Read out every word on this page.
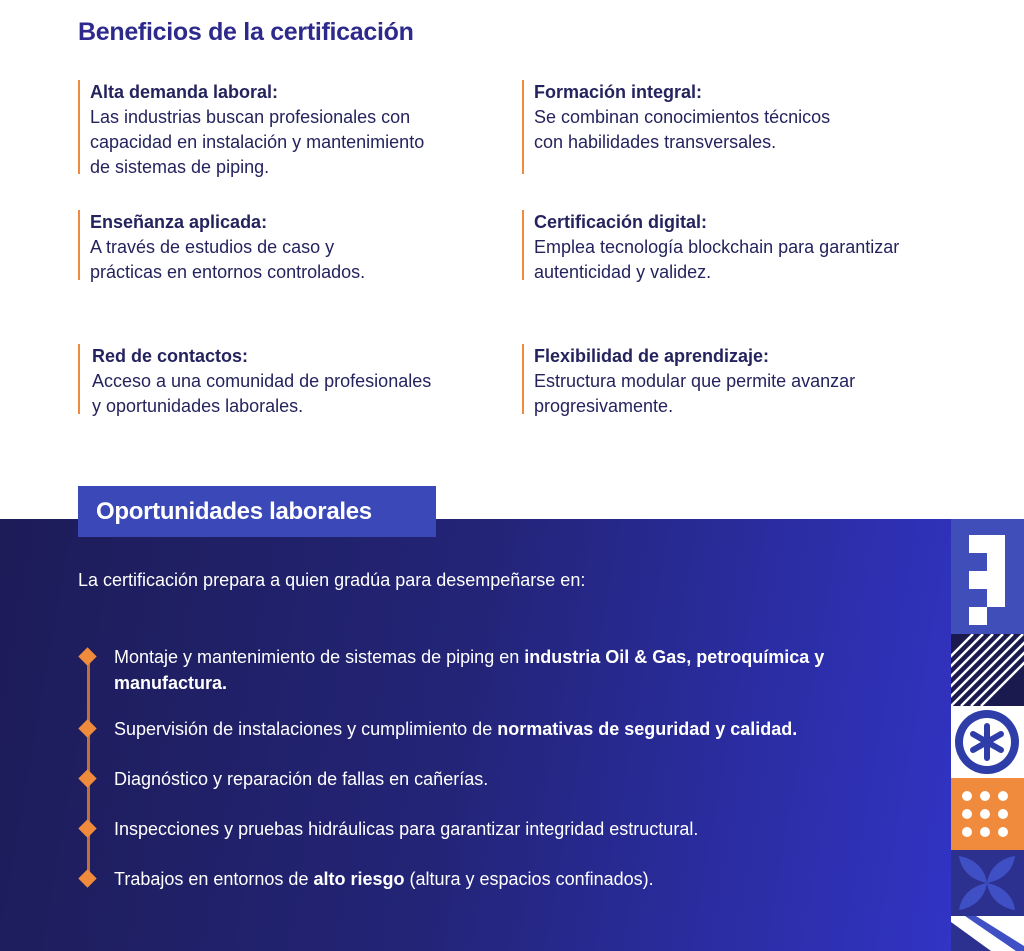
Beneficios de la certificación
Alta demanda laboral:
Las industrias buscan profesionales con
capacidad en instalación y mantenimiento
de sistemas de piping.
Formación integral:
Se combinan conocimientos técnicos
con habilidades transversales.
Enseñanza aplicada:
A través de estudios de caso y
prácticas en entornos controlados.
Certificación digital:
Emplea tecnología blockchain para garantizar
autenticidad y validez.
Red de contactos:
Acceso a una comunidad de profesionales
y oportunidades laborales.
Flexibilidad de aprendizaje:
Estructura modular que permite avanzar
progresivamente.
Oportunidades laborales
La certificación prepara a quien gradúa para desempeñarse en:
Montaje y mantenimiento de sistemas de piping en industria Oil & Gas, petroquímica y manufactura.
Supervisión de instalaciones y cumplimiento de normativas de seguridad y calidad.
Diagnóstico y reparación de fallas en cañerías.
Inspecciones y pruebas hidráulicas para garantizar integridad estructural.
Trabajos en entornos de alto riesgo (altura y espacios confinados).
